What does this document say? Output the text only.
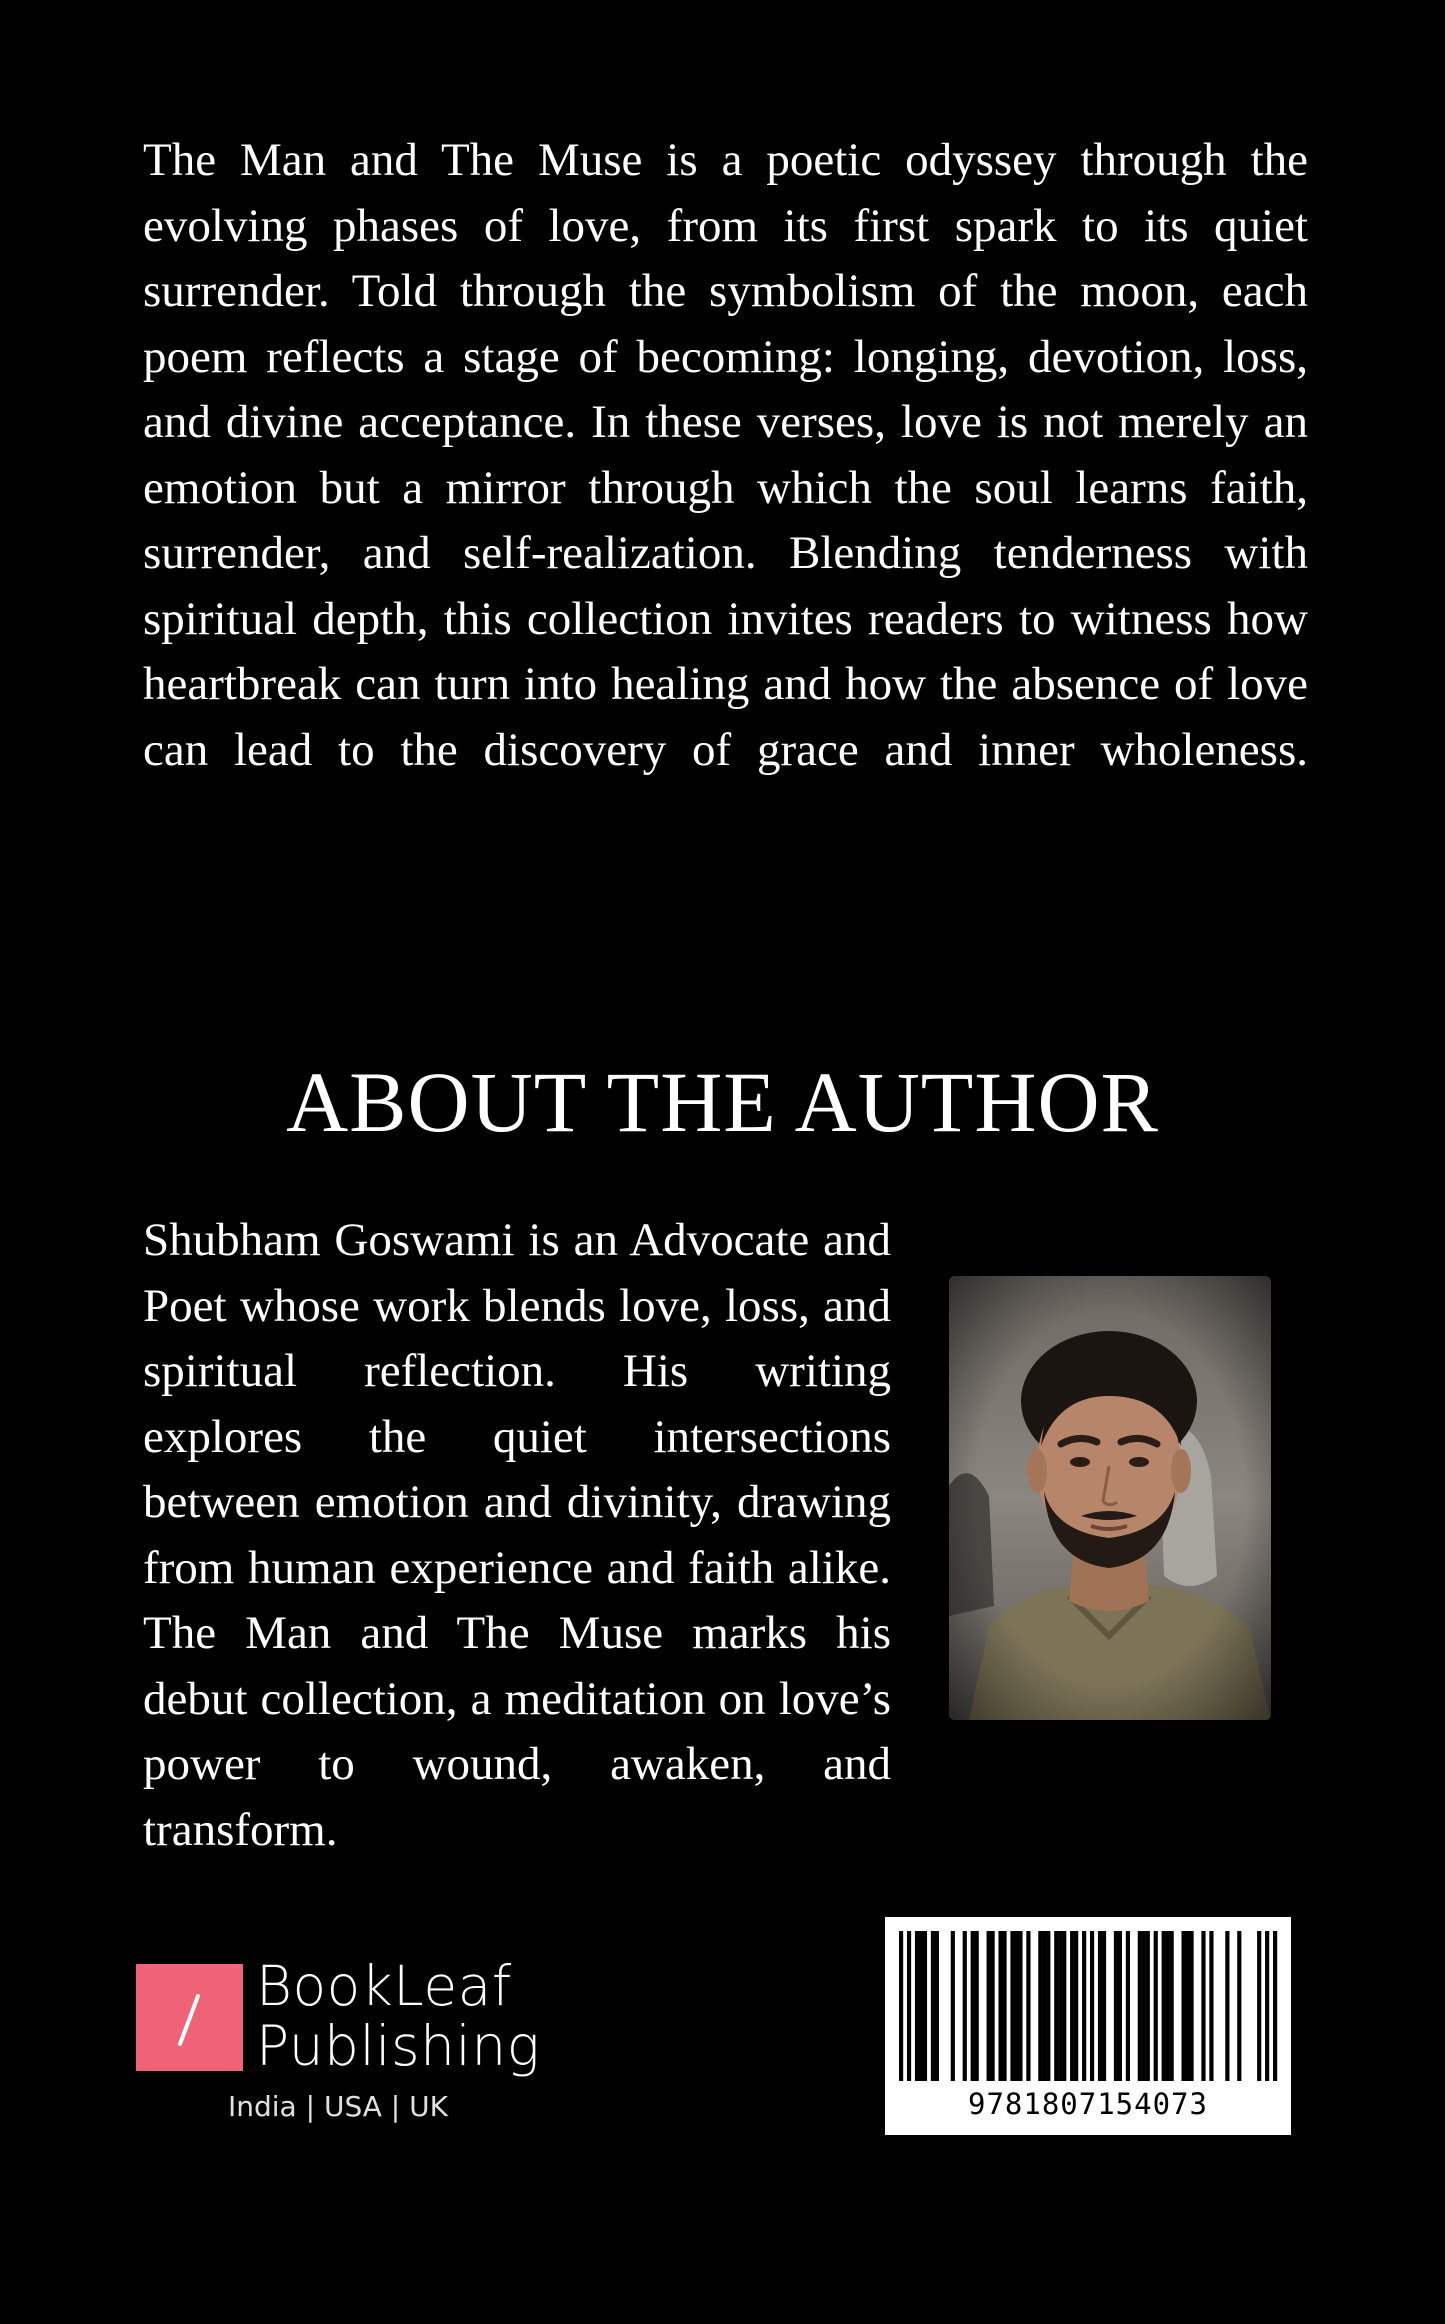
The Man and The Muse is a poetic odyssey through the evolving phases of love, from its first spark to its quiet surrender. Told through the symbolism of the moon, each poem reflects a stage of becoming: longing, devotion, loss, and divine acceptance. In these verses, love is not merely an emotion but a mirror through which the soul learns faith, surrender, and self-realization. Blending tenderness with spiritual depth, this collection invites readers to witness how heartbreak can turn into healing and how the absence of love can lead to the discovery of grace and inner wholeness.

ABOUT THE AUTHOR

Shubham Goswami is an Advocate and Poet whose work blends love, loss, and spiritual reflection. His writing explores the quiet intersections between emotion and divinity, drawing from human experience and faith alike. The Man and The Muse marks his debut collection, a meditation on love’s power to wound, awaken, and transform.

BookLeaf
Publishing
India | USA | UK	9781807154073
